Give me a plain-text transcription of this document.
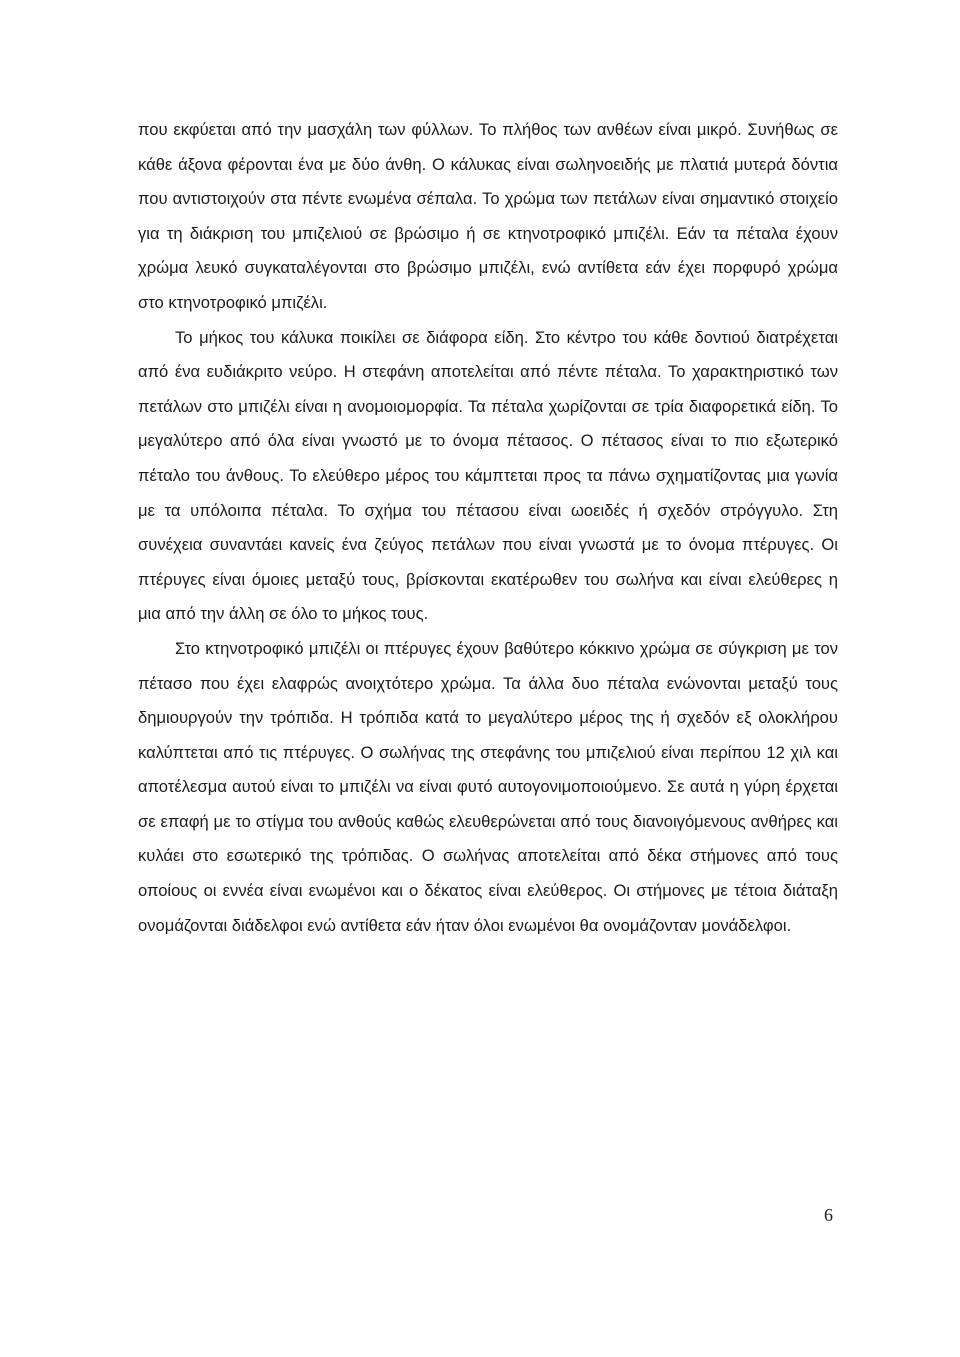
που εκφύεται από την μασχάλη των φύλλων. Το πλήθος των ανθέων είναι μικρό. Συνήθως σε κάθε άξονα φέρονται ένα με δύο άνθη. Ο κάλυκας είναι σωληνοειδής με πλατιά μυτερά δόντια που αντιστοιχούν στα πέντε ενωμένα σέπαλα. Το χρώμα των πετάλων είναι σημαντικό στοιχείο για τη διάκριση του μπιζελιού σε βρώσιμο ή σε κτηνοτροφικό μπιζέλι. Εάν τα πέταλα έχουν χρώμα λευκό συγκαταλέγονται στο βρώσιμο μπιζέλι, ενώ αντίθετα εάν έχει πορφυρό χρώμα στο κτηνοτροφικό μπιζέλι.

Το μήκος του κάλυκα ποικίλει σε διάφορα είδη. Στο κέντρο του κάθε δοντιού διατρέχεται από ένα ευδιάκριτο νεύρο. Η στεφάνη αποτελείται από πέντε πέταλα. Το χαρακτηριστικό των πετάλων στο μπιζέλι είναι η ανομοιομορφία. Τα πέταλα χωρίζονται σε τρία διαφορετικά είδη. Το μεγαλύτερο από όλα είναι γνωστό με το όνομα πέτασος. Ο πέτασος είναι το πιο εξωτερικό πέταλο του άνθους. Το ελεύθερο μέρος του κάμπτεται προς τα πάνω σχηματίζοντας μια γωνία με τα υπόλοιπα πέταλα. Το σχήμα του πέτασου είναι ωοειδές ή σχεδόν στρόγγυλο. Στη συνέχεια συναντάει κανείς ένα ζεύγος πετάλων που είναι γνωστά με το όνομα πτέρυγες. Οι πτέρυγες είναι όμοιες μεταξύ τους, βρίσκονται εκατέρωθεν του σωλήνα και είναι ελεύθερες η μια από την άλλη σε όλο το μήκος τους.

Στο κτηνοτροφικό μπιζέλι οι πτέρυγες έχουν βαθύτερο κόκκινο χρώμα σε σύγκριση με τον πέτασο που έχει ελαφρώς ανοιχτότερο χρώμα. Τα άλλα δυο πέταλα ενώνονται μεταξύ τους δημιουργούν την τρόπιδα. Η τρόπιδα κατά το μεγαλύτερο μέρος της ή σχεδόν εξ ολοκλήρου καλύπτεται από τις πτέρυγες. Ο σωλήνας της στεφάνης του μπιζελιού είναι περίπου 12 χιλ και αποτέλεσμα αυτού είναι το μπιζέλι να είναι φυτό αυτογονιμοποιούμενο. Σε αυτά η γύρη έρχεται σε επαφή με το στίγμα του ανθούς καθώς ελευθερώνεται από τους διανοιγόμενους ανθήρες και κυλάει στο εσωτερικό της τρόπιδας. Ο σωλήνας αποτελείται από δέκα στήμονες από τους οποίους οι εννέα είναι ενωμένοι και ο δέκατος είναι ελεύθερος. Οι στήμονες με τέτοια διάταξη ονομάζονται διάδελφοι ενώ αντίθετα εάν ήταν όλοι ενωμένοι θα ονομάζονταν μονάδελφοι.

6
